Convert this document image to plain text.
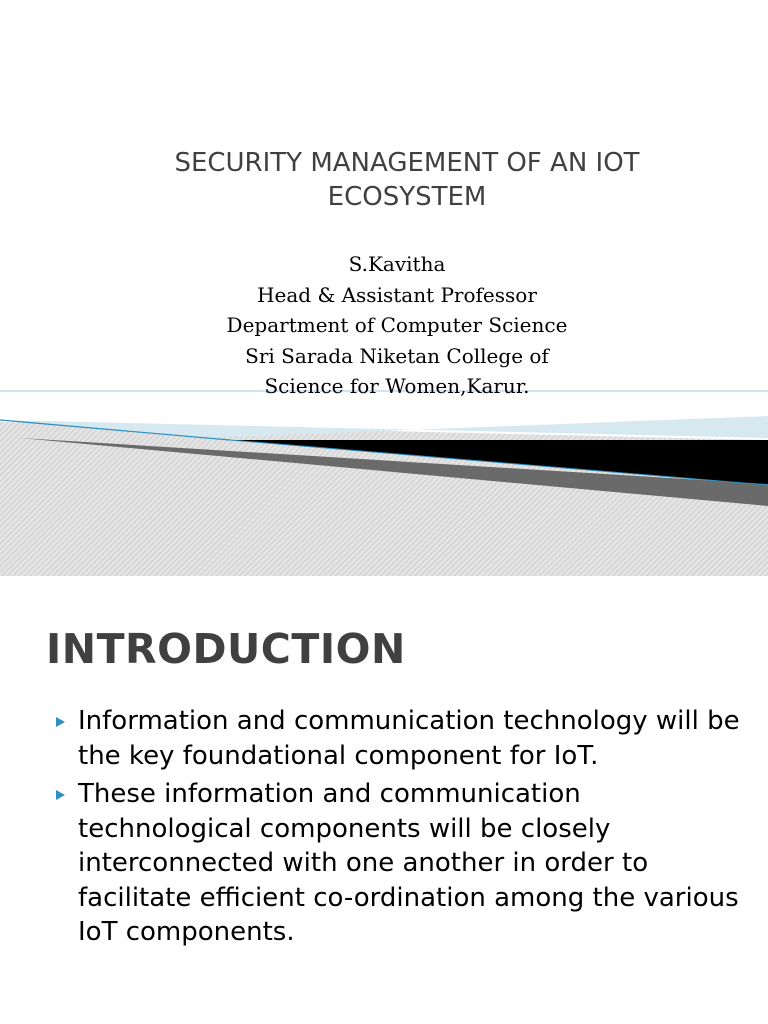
SECURITY MANAGEMENT OF AN IOT
ECOSYSTEM
S.Kavitha
Head & Assistant Professor
Department of Computer Science
Sri Sarada Niketan College of
Science for Women,Karur.
INTRODUCTION
Information and communication technology will be the key foundational component for IoT.
These information and communication technological components will be closely interconnected with one another in order to facilitate efficient co-ordination among the various IoT components.
